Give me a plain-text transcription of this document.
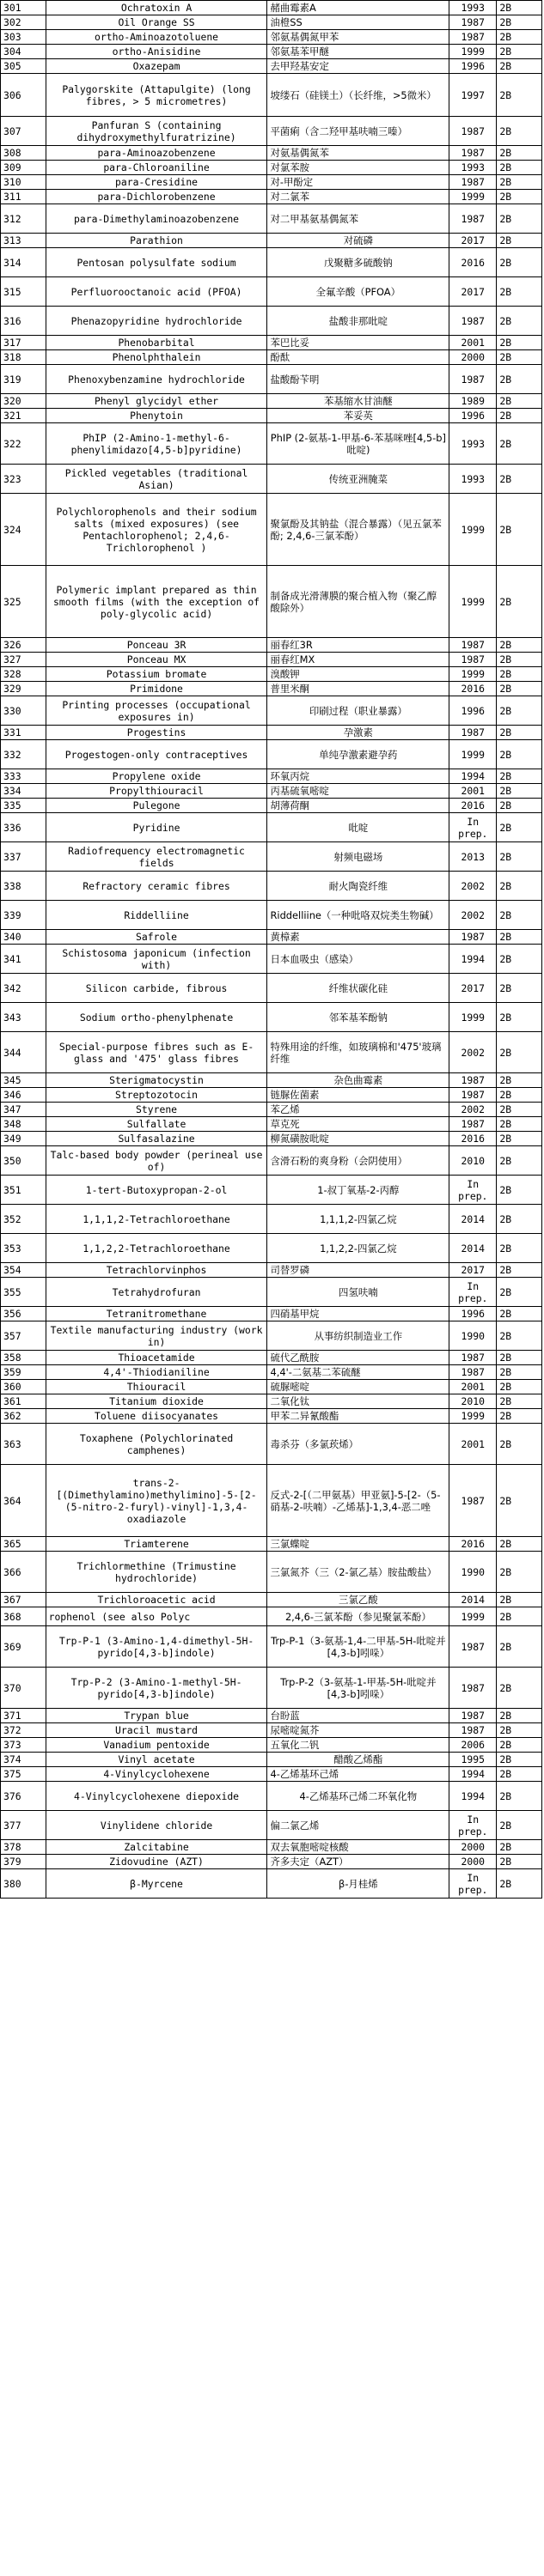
301	Ochratoxin A	赭曲霉素A	1993	2B
302	Oil Orange SS	油橙SS	1987	2B
303	ortho-Aminoazotoluene	邻氨基偶氮甲苯	1987	2B
304	ortho-Anisidine	邻氨基苯甲醚	1999	2B
305	Oxazepam	去甲羟基安定	1996	2B
306	Palygorskite (Attapulgite) (long fibres, > 5 micrometres)	坡缕石（硅镁土）（长纤维，>5微米）	1997	2B
307	Panfuran S (containing dihydroxymethylfuratrizine)	平菌痢（含二羟甲基呋喃三嗪）	1987	2B
308	para-Aminoazobenzene	对氨基偶氮苯	1987	2B
309	para-Chloroaniline	对氯苯胺	1993	2B
310	para-Cresidine	对-甲酚定	1987	2B
311	para-Dichlorobenzene	对二氯苯	1999	2B
312	para-Dimethylaminoazobenzene	对二甲基氨基偶氮苯	1987	2B
313	Parathion	对硫磷	2017	2B
314	Pentosan polysulfate sodium	戊聚糖多硫酸钠	2016	2B
315	Perfluorooctanoic acid (PFOA)	全氟辛酸（PFOA）	2017	2B
316	Phenazopyridine hydrochloride	盐酸非那吡啶	1987	2B
317	Phenobarbital	苯巴比妥	2001	2B
318	Phenolphthalein	酚酞	2000	2B
319	Phenoxybenzamine hydrochloride	盐酸酚苄明	1987	2B
320	Phenyl glycidyl ether	苯基缩水甘油醚	1989	2B
321	Phenytoin	苯妥英	1996	2B
322	PhIP (2-Amino-1-methyl-6-phenylimidazo[4,5-b]pyridine)	PhIP (2-氨基-1-甲基-6-苯基咪唑[4,5-b]吡啶)	1993	2B
323	Pickled vegetables (traditional Asian)	传统亚洲腌菜	1993	2B
324	Polychlorophenols and their sodium salts (mixed exposures) (see Pentachlorophenol; 2,4,6-Trichlorophenol )	聚氯酚及其钠盐（混合暴露）（见五氯苯酚; 2,4,6-三氯苯酚）	1999	2B
325	Polymeric implant prepared as thin smooth films (with the exception of poly-glycolic acid)	制备成光滑薄膜的聚合植入物（聚乙醇酸除外）	1999	2B
326	Ponceau 3R	丽春红3R	1987	2B
327	Ponceau MX	丽春红MX	1987	2B
328	Potassium bromate	溴酸钾	1999	2B
329	Primidone	普里米酮	2016	2B
330	Printing processes (occupational exposures in)	印刷过程（职业暴露）	1996	2B
331	Progestins	孕激素	1987	2B
332	Progestogen-only contraceptives	单纯孕激素避孕药	1999	2B
333	Propylene oxide	环氧丙烷	1994	2B
334	Propylthiouracil	丙基硫氧嘧啶	2001	2B
335	Pulegone	胡薄荷酮	2016	2B
336	Pyridine	吡啶	In prep.	2B
337	Radiofrequency electromagnetic fields	射频电磁场	2013	2B
338	Refractory ceramic fibres	耐火陶瓷纤维	2002	2B
339	Riddelliine	Riddelliine（一种吡咯双烷类生物碱）	2002	2B
340	Safrole	黄樟素	1987	2B
341	Schistosoma japonicum (infection with)	日本血吸虫（感染）	1994	2B
342	Silicon carbide, fibrous	纤维状碳化硅	2017	2B
343	Sodium ortho-phenylphenate	邻苯基苯酚钠	1999	2B
344	Special-purpose fibres such as E-glass and '475' glass fibres	特殊用途的纤维，如玻璃棉和'475'玻璃纤维	2002	2B
345	Sterigmatocystin	杂色曲霉素	1987	2B
346	Streptozotocin	链脲佐菌素	1987	2B
347	Styrene	苯乙烯	2002	2B
348	Sulfallate	草克死	1987	2B
349	Sulfasalazine	柳氮磺胺吡啶	2016	2B
350	Talc-based body powder (perineal use of)	含滑石粉的爽身粉（会阴使用）	2010	2B
351	1-tert-Butoxypropan-2-ol	1-叔丁氧基-2-丙醇	In prep.	2B
352	1,1,1,2-Tetrachloroethane	1,1,1,2-四氯乙烷	2014	2B
353	1,1,2,2-Tetrachloroethane	1,1,2,2-四氯乙烷	2014	2B
354	Tetrachlorvinphos	司替罗磷	2017	2B
355	Tetrahydrofuran	四氢呋喃	In prep.	2B
356	Tetranitromethane	四硝基甲烷	1996	2B
357	Textile manufacturing industry (work in)	从事纺织制造业工作	1990	2B
358	Thioacetamide	硫代乙酰胺	1987	2B
359	4,4'-Thiodianiline	4,4'-二氨基二苯硫醚	1987	2B
360	Thiouracil	硫脲嘧啶	2001	2B
361	Titanium dioxide	二氧化钛	2010	2B
362	Toluene diisocyanates	甲苯二异氰酸酯	1999	2B
363	Toxaphene (Polychlorinated camphenes)	毒杀芬（多氯莰烯）	2001	2B
364	trans-2-[(Dimethylamino)methylimino]-5-[2-(5-nitro-2-furyl)-vinyl]-1,3,4-oxadiazole	反式-2-[（二甲氨基）甲亚氨]-5-[2-（5-硝基-2-呋喃）-乙烯基]-1,3,4-恶二唑	1987	2B
365	Triamterene	三氯蝶啶	2016	2B
366	Trichlormethine (Trimustine hydrochloride)	三氯氮芥（三（2-氯乙基）胺盐酸盐）	1990	2B
367	Trichloroacetic acid	三氯乙酸	2014	2B
368	rophenol (see also Polyc	2,4,6-三氯苯酚（参见聚氯苯酚）	1999	2B
369	Trp-P-1 (3-Amino-1,4-dimethyl-5H-pyrido[4,3-b]indole)	Trp-P-1（3-氨基-1,4-二甲基-5H-吡啶并[4,3-b]吲哚）	1987	2B
370	Trp-P-2 (3-Amino-1-methyl-5H-pyrido[4,3-b]indole)	Trp-P-2（3-氨基-1-甲基-5H-吡啶并[4,3-b]吲哚）	1987	2B
371	Trypan blue	台盼蓝	1987	2B
372	Uracil mustard	尿嘧啶氮芥	1987	2B
373	Vanadium pentoxide	五氧化二钒	2006	2B
374	Vinyl acetate	醋酸乙烯酯	1995	2B
375	4-Vinylcyclohexene	4-乙烯基环己烯	1994	2B
376	4-Vinylcyclohexene diepoxide	4-乙烯基环己烯二环氧化物	1994	2B
377	Vinylidene chloride	偏二氯乙烯	In prep.	2B
378	Zalcitabine	双去氧胞嘧啶核酸	2000	2B
379	Zidovudine (AZT)	齐多夫定（AZT）	2000	2B
380	β-Myrcene	β-月桂烯	In prep.	2B
